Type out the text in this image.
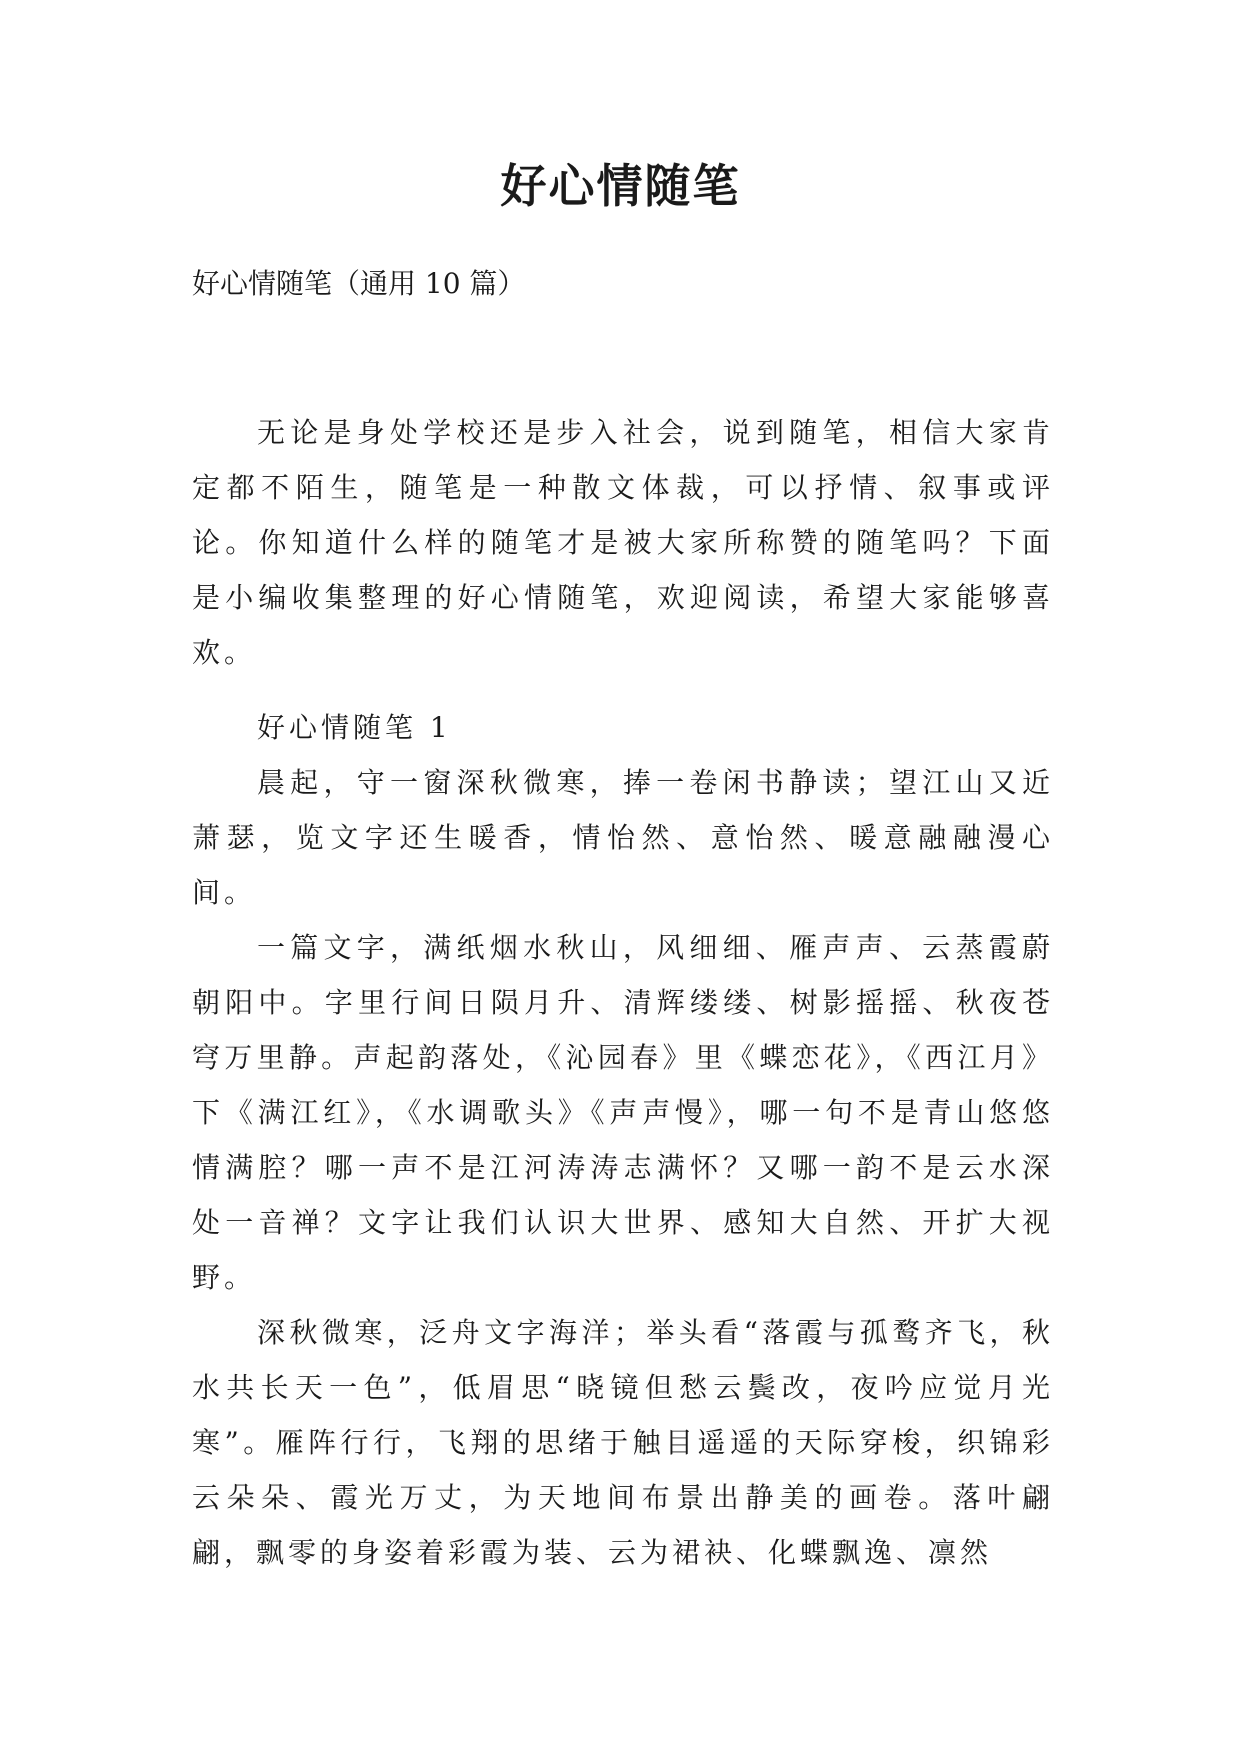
好心情随笔

好心情随笔（通用 10 篇）

无论是身处学校还是步入社会，说到随笔，相信大家肯定都不陌生，随笔是一种散文体裁，可以抒情、叙事或评论。你知道什么样的随笔才是被大家所称赞的随笔吗？下面是小编收集整理的好心情随笔，欢迎阅读，希望大家能够喜欢。

好心情随笔 1

晨起，守一窗深秋微寒，捧一卷闲书静读；望江山又近萧瑟，览文字还生暖香，情怡然、意怡然、暖意融融漫心间。

一篇文字，满纸烟水秋山，风细细、雁声声、云蒸霞蔚朝阳中。字里行间日陨月升、清辉缕缕、树影摇摇、秋夜苍穹万里静。声起韵落处，《沁园春》里《蝶恋花》，《西江月》下《满江红》，《水调歌头》《声声慢》，哪一句不是青山悠悠情满腔？哪一声不是江河涛涛志满怀？又哪一韵不是云水深处一音禅？文字让我们认识大世界、感知大自然、开扩大视野。

深秋微寒，泛舟文字海洋；举头看“落霞与孤鹜齐飞，秋水共长天一色”，低眉思“晓镜但愁云鬓改，夜吟应觉月光寒”。雁阵行行，飞翔的思绪于触目遥遥的天际穿梭，织锦彩云朵朵、霞光万丈，为天地间布景出静美的画卷。落叶翩翩，飘零的身姿着彩霞为装、云为裙袂、化蝶飘逸、凛然
